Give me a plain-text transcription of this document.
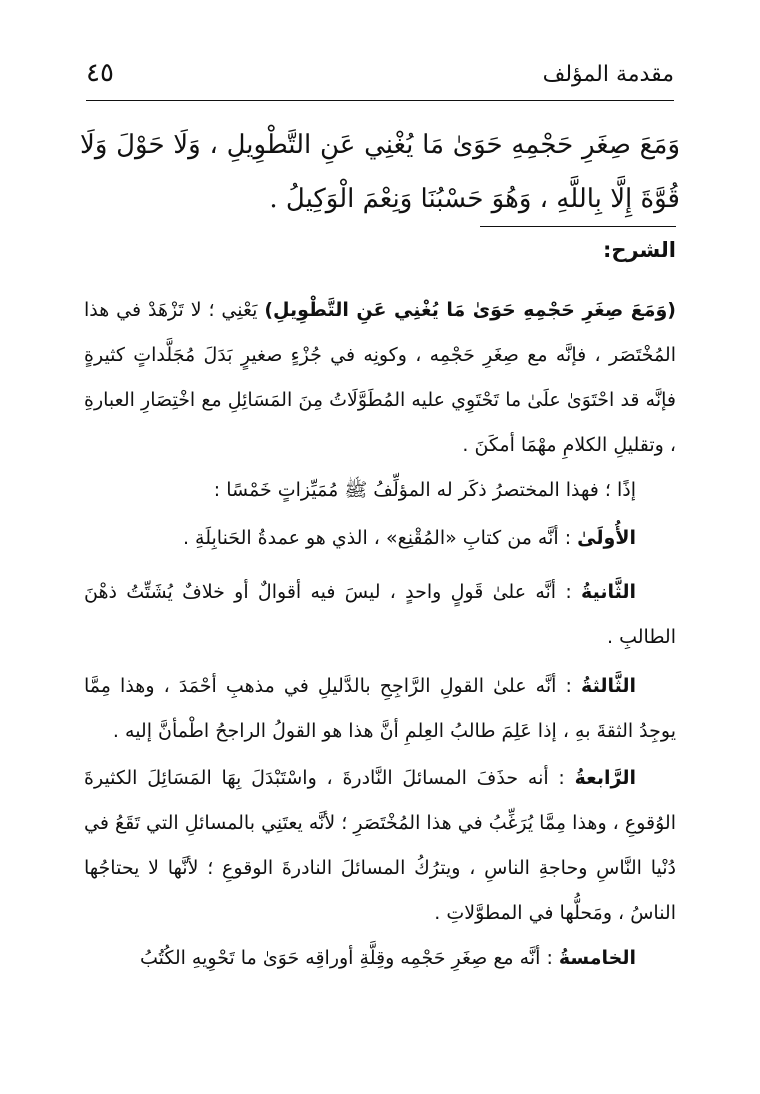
مقدمة المؤلف
٤٥
وَمَعَ صِغَرِ حَجْمِهِ حَوَىٰ مَا يُغْنِي عَنِ التَّطْوِيلِ ، وَلَا حَوْلَ وَلَا قُوَّةَ إِلَّا بِاللَّهِ ، وَهُوَ حَسْبُنَا وَنِعْمَ الْوَكِيلُ .
الشرح:
(وَمَعَ صِغَرِ حَجْمِهِ حَوَىٰ مَا يُغْنِي عَنِ التَّطْوِيلِ) يَعْنِي ؛ لا تَزْهَدْ في هذا المُخْتَصَر ، فإنَّه مع صِغَرِ حَجْمِه ، وكونِه في جُزْءٍ صغيرٍ بَدَلَ مُجَلَّداتٍ كثيرةٍ فإنَّه قد احْتَوَىٰ علَىٰ ما تَحْتَوِي عليه المُطَوَّلَاتُ مِنَ المَسَائِلِ مع اخْتِصَارِ العبارةِ ، وتقليلِ الكلامِ مهْمَا أمكَنَ .
إذًا ؛ فهذا المختصرُ ذكَر له المؤلِّفُ ﷺ مُمَيِّزاتٍ خَمْسًا :
الأُولَىٰ : أنَّه من كتابِ «المُقْنِع» ، الذي هو عمدةُ الحَنابِلَةِ .
الثَّانيةُ : أنَّه علىٰ قَولٍ واحدٍ ، ليسَ فيه أقوالٌ أو خلافٌ يُشَتِّتُ ذهْنَ الطالبِ .
الثَّالثةُ : أنَّه علىٰ القولِ الرَّاجِحِ بالدَّليلِ في مذهبِ أحْمَدَ ، وهذا مِمَّا يوجِدُ الثقةَ بهِ ، إذا عَلِمَ طالبُ العِلمِ أنَّ هذا هو القولُ الراجحُ اطْمأنَّ إليه .
الرَّابعةُ : أنه حذَفَ المسائلَ النَّادرةَ ، واسْتَبْدَلَ بِهَا المَسَائِلَ الكثيرةَ الوُقوعِ ، وهذا مِمَّا يُرَغِّبُ في هذا المُخْتَصَرِ ؛ لأنَّه يعتَنِي بالمسائلِ التي تَقَعُ في دُنْيا النَّاسِ وحاجةِ الناسِ ، ويترُكُ المسائلَ النادرةَ الوقوعِ ؛ لأنَّها لا يحتاجُها الناسُ ، ومَحلُّها في المطوَّلاتِ .
الخامسةُ : أنَّه مع صِغَرِ حَجْمِه وقِلَّةِ أوراقِه حَوَىٰ ما تَحْوِيهِ الكُتُبُ
